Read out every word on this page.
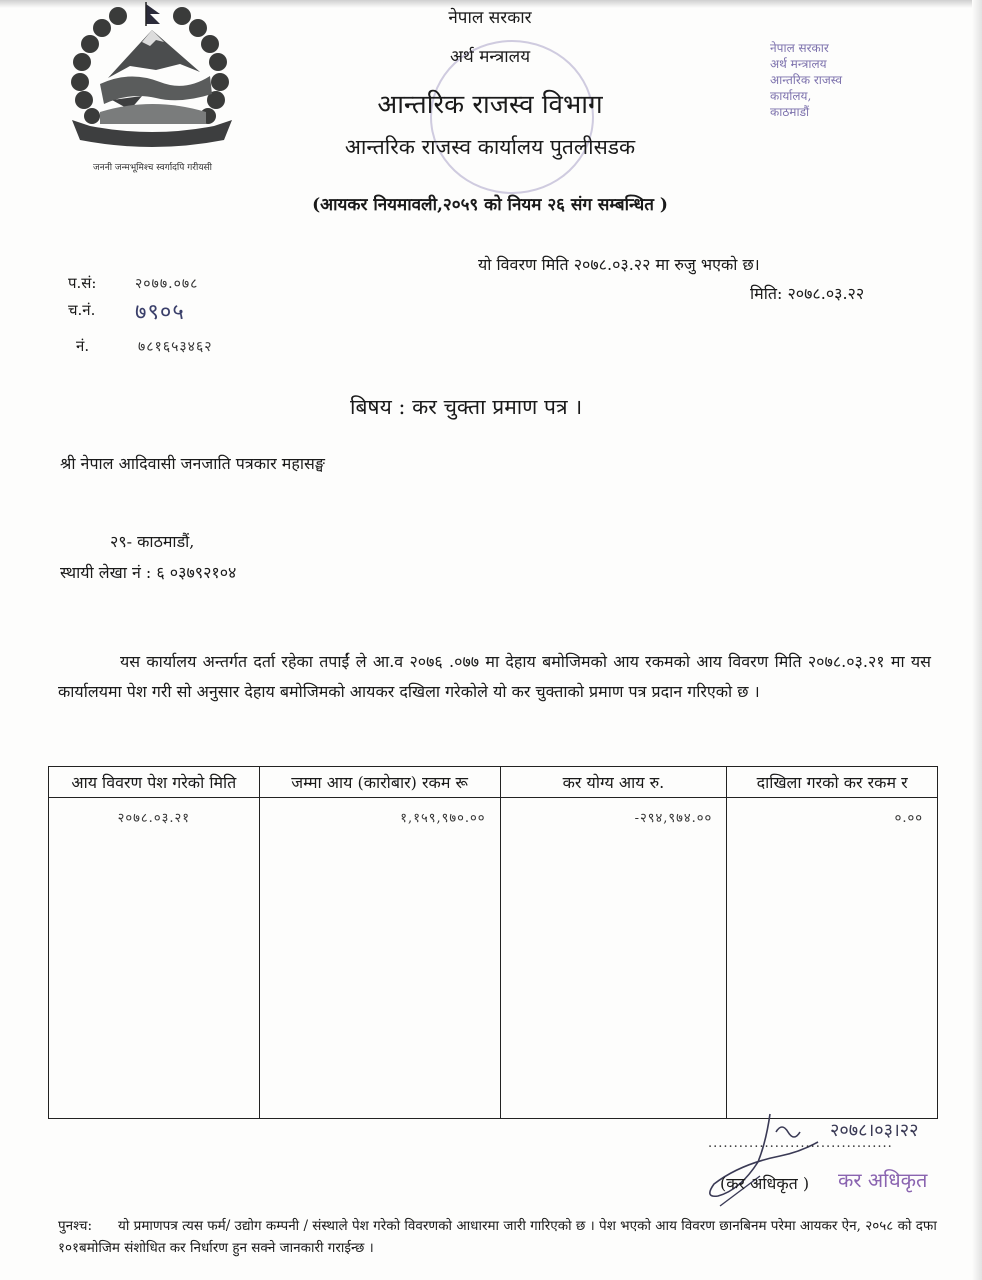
जननी जन्मभूमिश्च स्वर्गादपि गरीयसी
नेपाल सरकार
अर्थ मन्त्रालय
आन्तरिक राजस्व विभाग
आन्तरिक राजस्व कार्यालय पुतलीसडक
(आयकर नियमावली,२०५९ को नियम २६ संग सम्बन्धित )
नेपाल सरकार
अर्थ मन्त्रालय
आन्तरिक राजस्व
कार्यालय,
काठमाडौं
प.सं:	२०७७.०७८
च.नं. ७९०५
नं.	७८१६५३४६२
यो विवरण मिति २०७८.०३.२२ मा रुजु भएको छ।
मिति: २०७८.०३.२२
बिषय : कर चुक्ता प्रमाण पत्र ।
श्री नेपाल आदिवासी जनजाति पत्रकार महासङ्घ
२९- काठमाडौं,
स्थायी लेखा नं : ६ ०३७९२१०४
यस कार्यालय अन्तर्गत दर्ता रहेका तपाईं ले आ.व २०७६ .०७७ मा देहाय बमोजिमको आय रकमको आय विवरण मिति २०७८.०३.२१ मा यस कार्यालयमा पेश गरी सो अनुसार देहाय बमोजिमको आयकर दखिला गरेकोले यो कर चुक्ताको प्रमाण पत्र प्रदान गरिएको छ ।
आय विवरण पेश गरेको मिति	जम्मा आय (कारोबार) रकम रू	कर योग्य आय रु.	दाखिला गरको कर रकम र
२०७८.०३.२१	१,१५९,९७०.००	-२९४,९७४.००	०.००
२०७८।०३।२२
....................................
(कर अधिकृत ) कर अधिकृत
पुनश्च: यो प्रमाणपत्र त्यस फर्म/ उद्योग कम्पनी / संस्थाले पेश गरेको विवरणको आधारमा जारी गारिएको छ । पेश भएको आय विवरण छानबिनम परेमा आयकर ऐन, २०५८ को दफा १०१बमोजिम संशोधित कर निर्धारण हुन सक्ने जानकारी गराईन्छ ।
